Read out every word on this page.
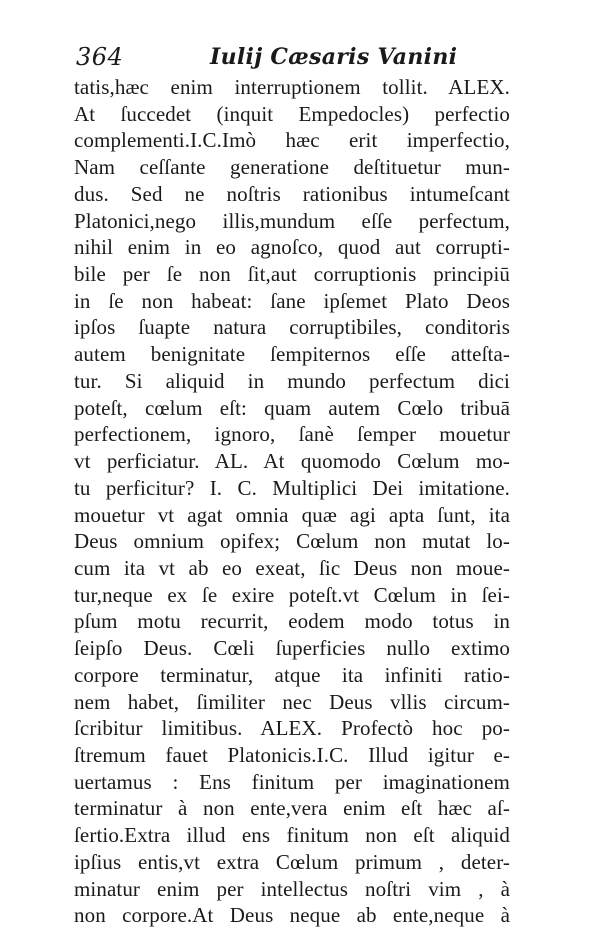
364	Iulij Cæsaris Vanini
tatis,hæc enim interruptionem tollit. ALEX.
At ſuccedet (inquit Empedocles) perfectio
complementi.I.C.Imò hæc erit imperfectio,
Nam ceſſante generatione deſtituetur mun-
dus. Sed ne noſtris rationibus intumeſcant
Platonici,nego illis,mundum eſſe perfectum,
nihil enim in eo agnoſco, quod aut corrupti-
bile per ſe non ſit,aut corruptionis principiū
in ſe non habeat: ſane ipſemet Plato Deos
ipſos ſuapte natura corruptibiles, conditoris
autem benignitate ſempiternos eſſe atteſta-
tur. Si aliquid in mundo perfectum dici
poteſt, cœlum eſt: quam autem Cœlo tribuā
perfectionem, ignoro, ſanè ſemper mouetur
vt perficiatur. AL. At quomodo Cœlum mo-
tu perficitur? I. C. Multiplici Dei imitatione.
mouetur vt agat omnia quæ agi apta ſunt, ita
Deus omnium opifex; Cœlum non mutat lo-
cum ita vt ab eo exeat, ſic Deus non moue-
tur,neque ex ſe exire poteſt.vt Cœlum in ſei-
pſum motu recurrit, eodem modo totus in
ſeipſo Deus. Cœli ſuperficies nullo extimo
corpore terminatur, atque ita infiniti ratio-
nem habet, ſimiliter nec Deus vllis circum-
ſcribitur limitibus. ALEX. Profectò hoc po-
ſtremum fauet Platonicis.I.C. Illud igitur e-
uertamus : Ens finitum per imaginationem
terminatur à non ente,vera enim eſt hæc aſ-
ſertio.Extra illud ens finitum non eſt aliquid
ipſius entis,vt extra Cœlum primum , deter-
minatur enim per intellectus noſtri vim , à
non corpore.At Deus neque ab ente,neque à
